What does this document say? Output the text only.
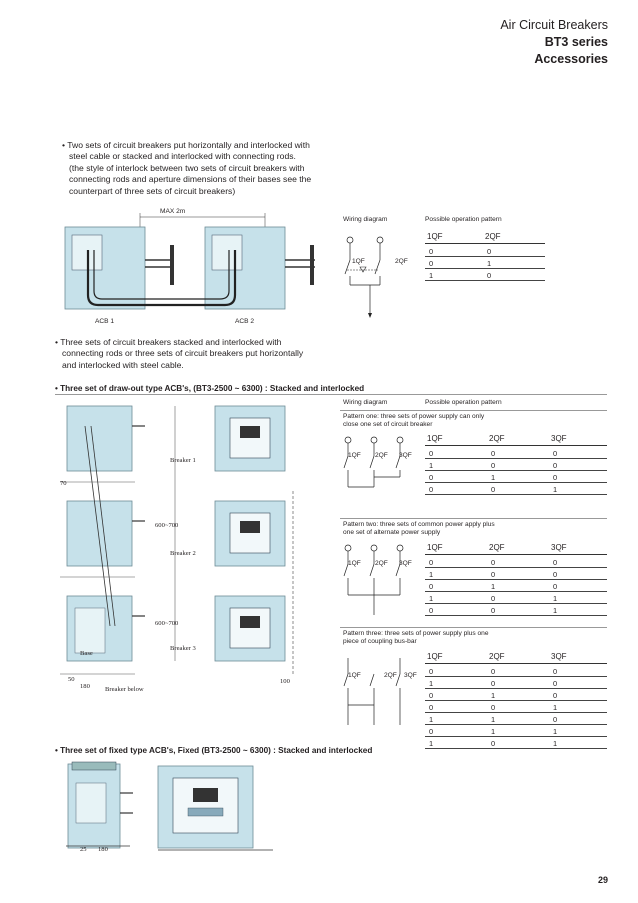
Air Circuit Breakers
BT3 series
Accessories

• Two sets of circuit breakers put horizontally and interlocked with

steel cable or stacked and interlocked with connecting rods.

(the style of interlock between two sets of circuit breakers with

connecting rods and aperture dimensions of their bases see the

counterpart of three sets of circuit breakers)

MAX 2m
ACB 1	ACB 2
Wiring diagram	Possible operation pattern
1QF	2QF
1QF	2QF
0	0
0	1
1	0

• Three sets of circuit breakers stacked and interlocked with

connecting rods or three sets of circuit breakers put horizontally

and interlocked with steel cable.

• Three set of draw-out type ACB's, (BT3-2500 ~ 6300) : Stacked and interlocked
Breaker 1
Breaker 2
Breaker 3
600~700
600~700
Base
Breaker below
70
50
180
100
Wiring diagram	Possible operation pattern
Pattern one: three sets of power supply can only
close one set of circuit breaker
1QF 2QF 3QF
1QF	2QF	3QF
0	0	0
1	0	0
0	1	0
0	0	1
Pattern two: three sets of common power apply plus
one set of alternate power supply
1QF 2QF 3QF
1QF	2QF	3QF
0	0	0
1	0	0
0	1	0
1	0	1
0	0	1
Pattern three: three sets of power supply plus one
piece of coupling bus-bar
1QF	2QF 3QF
1QF	2QF	3QF
0	0	0
1	0	0
0	1	0
0	0	1
1	1	0
0	1	1
1	0	1
• Three set of fixed type ACB's, Fixed (BT3-2500 ~ 6300) : Stacked and interlocked
25 180
29
